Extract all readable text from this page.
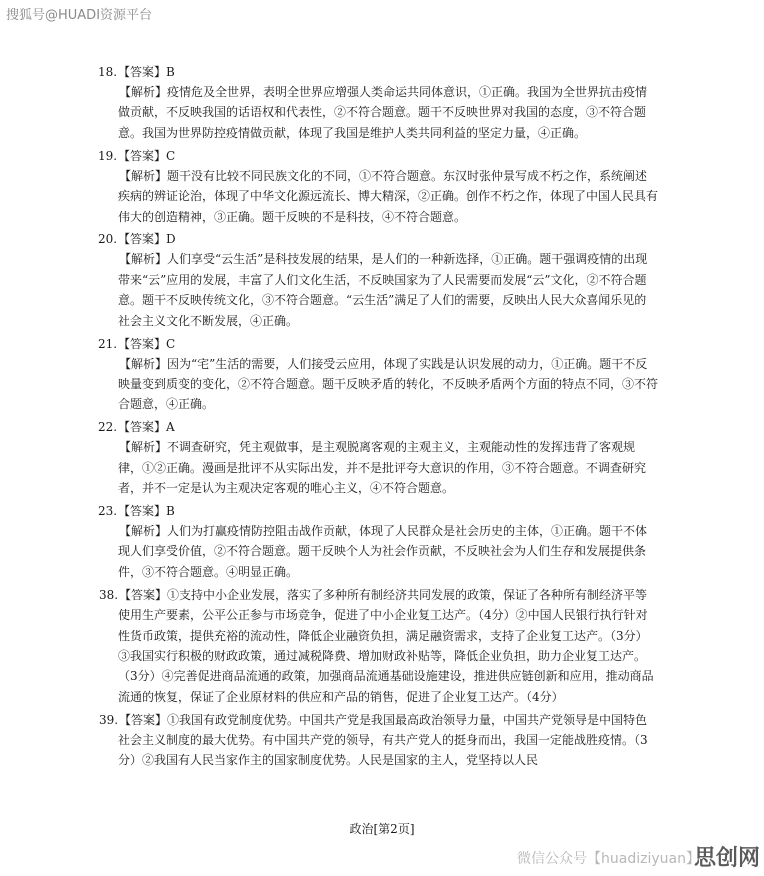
搜狐号@HUADI资源平台
18.【答案】B
【解析】疫情危及全世界，表明全世界应增强人类命运共同体意识，①正确。我国为全世界抗击疫情做贡献，不反映我国的话语权和代表性，②不符合题意。题干不反映世界对我国的态度，③不符合题意。我国为世界防控疫情做贡献，体现了我国是维护人类共同利益的坚定力量，④正确。
19.【答案】C
【解析】题干没有比较不同民族文化的不同，①不符合题意。东汉时张仲景写成不朽之作，系统阐述疾病的辨证论治，体现了中华文化源远流长、博大精深，②正确。创作不朽之作，体现了中国人民具有伟大的创造精神，③正确。题干反映的不是科技，④不符合题意。
20.【答案】D
【解析】人们享受“云生活”是科技发展的结果，是人们的一种新选择，①正确。题干强调疫情的出现带来“云”应用的发展，丰富了人们文化生活，不反映国家为了人民需要而发展“云”文化，②不符合题意。题干不反映传统文化，③不符合题意。“云生活”满足了人们的需要，反映出人民大众喜闻乐见的社会主义文化不断发展，④正确。
21.【答案】C
【解析】因为“宅”生活的需要，人们接受云应用，体现了实践是认识发展的动力，①正确。题干不反映量变到质变的变化，②不符合题意。题干反映矛盾的转化，不反映矛盾两个方面的特点不同，③不符合题意，④正确。
22.【答案】A
【解析】不调查研究，凭主观做事，是主观脱离客观的主观主义，主观能动性的发挥违背了客观规律，①②正确。漫画是批评不从实际出发，并不是批评夸大意识的作用，③不符合题意。不调查研究者，并不一定是认为主观决定客观的唯心主义，④不符合题意。
23.【答案】B
【解析】人们为打赢疫情防控阻击战作贡献，体现了人民群众是社会历史的主体，①正确。题干不体现人们享受价值，②不符合题意。题干反映个人为社会作贡献，不反映社会为人们生存和发展提供条件，③不符合题意。④明显正确。
38. 【答案】①支持中小企业发展，落实了多种所有制经济共同发展的政策，保证了各种所有制经济平等使用生产要素，公平公正参与市场竞争，促进了中小企业复工达产。（4分）②中国人民银行执行针对性货币政策，提供充裕的流动性，降低企业融资负担，满足融资需求，支持了企业复工达产。（3分）③我国实行积极的财政政策，通过减税降费、增加财政补贴等，降低企业负担，助力企业复工达产。（3分）④完善促进商品流通的政策，加强商品流通基础设施建设，推进供应链创新和应用，推动商品流通的恢复，保证了企业原材料的供应和产品的销售，促进了企业复工达产。（4分）
39. 【答案】①我国有政党制度优势。中国共产党是我国最高政治领导力量，中国共产党领导是中国特色社会主义制度的最大优势。有中国共产党的领导，有共产党人的挺身而出，我国一定能战胜疫情。（3分）②我国有人民当家作主的国家制度优势。人民是国家的主人，党坚持以人民
政治[第2页]
微信公众号【huadiziyuan】
思创网
